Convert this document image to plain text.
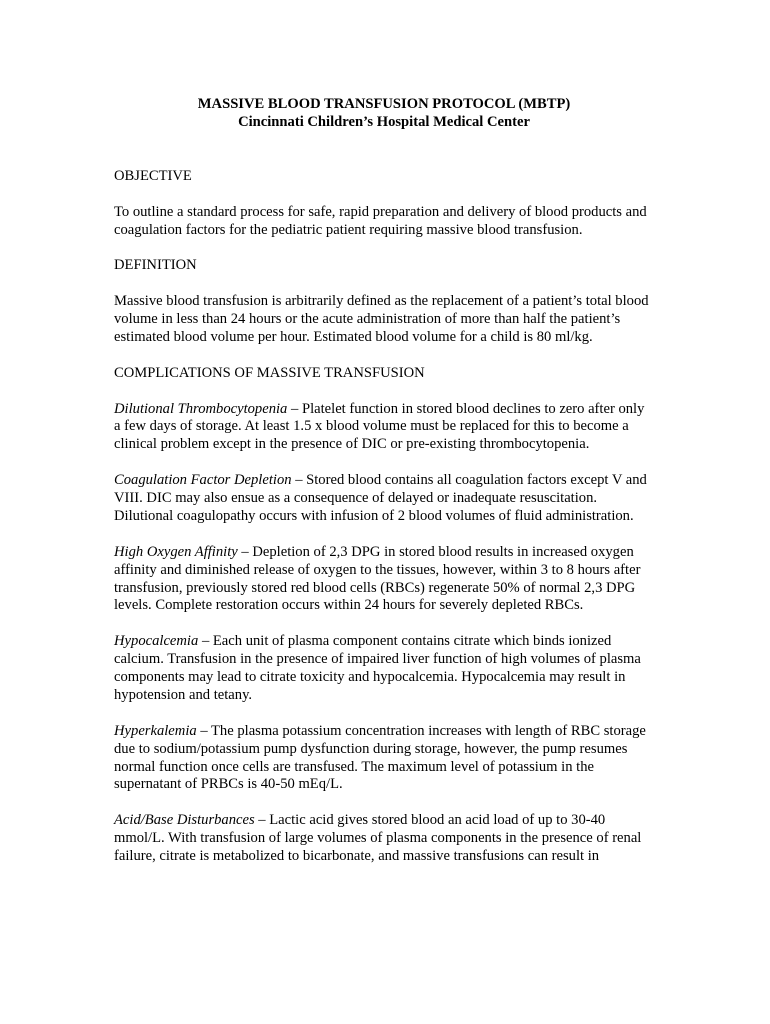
MASSIVE BLOOD TRANSFUSION PROTOCOL (MBTP)

Cincinnati Children’s Hospital Medical Center

OBJECTIVE

To outline a standard process for safe, rapid preparation and delivery of blood products and coagulation factors for the pediatric patient requiring massive blood transfusion.

DEFINITION

Massive blood transfusion is arbitrarily defined as the replacement of a patient’s total blood volume in less than 24 hours or the acute administration of more than half the patient’s estimated blood volume per hour. Estimated blood volume for a child is 80 ml/kg.

COMPLICATIONS OF MASSIVE TRANSFUSION

Dilutional Thrombocytopenia – Platelet function in stored blood declines to zero after only a few days of storage. At least 1.5 x blood volume must be replaced for this to become a clinical problem except in the presence of DIC or pre-existing thrombocytopenia.

Coagulation Factor Depletion – Stored blood contains all coagulation factors except V and VIII. DIC may also ensue as a consequence of delayed or inadequate resuscitation. Dilutional coagulopathy occurs with infusion of 2 blood volumes of fluid administration.

High Oxygen Affinity – Depletion of 2,3 DPG in stored blood results in increased oxygen affinity and diminished release of oxygen to the tissues, however, within 3 to 8 hours after transfusion, previously stored red blood cells (RBCs) regenerate 50% of normal 2,3 DPG levels. Complete restoration occurs within 24 hours for severely depleted RBCs.

Hypocalcemia – Each unit of plasma component contains citrate which binds ionized calcium. Transfusion in the presence of impaired liver function of high volumes of plasma components may lead to citrate toxicity and hypocalcemia. Hypocalcemia may result in hypotension and tetany.

Hyperkalemia – The plasma potassium concentration increases with length of RBC storage due to sodium/potassium pump dysfunction during storage, however, the pump resumes normal function once cells are transfused. The maximum level of potassium in the supernatant of PRBCs is 40-50 mEq/L.

Acid/Base Disturbances – Lactic acid gives stored blood an acid load of up to 30-40 mmol/L. With transfusion of large volumes of plasma components in the presence of renal failure, citrate is metabolized to bicarbonate, and massive transfusions can result in
